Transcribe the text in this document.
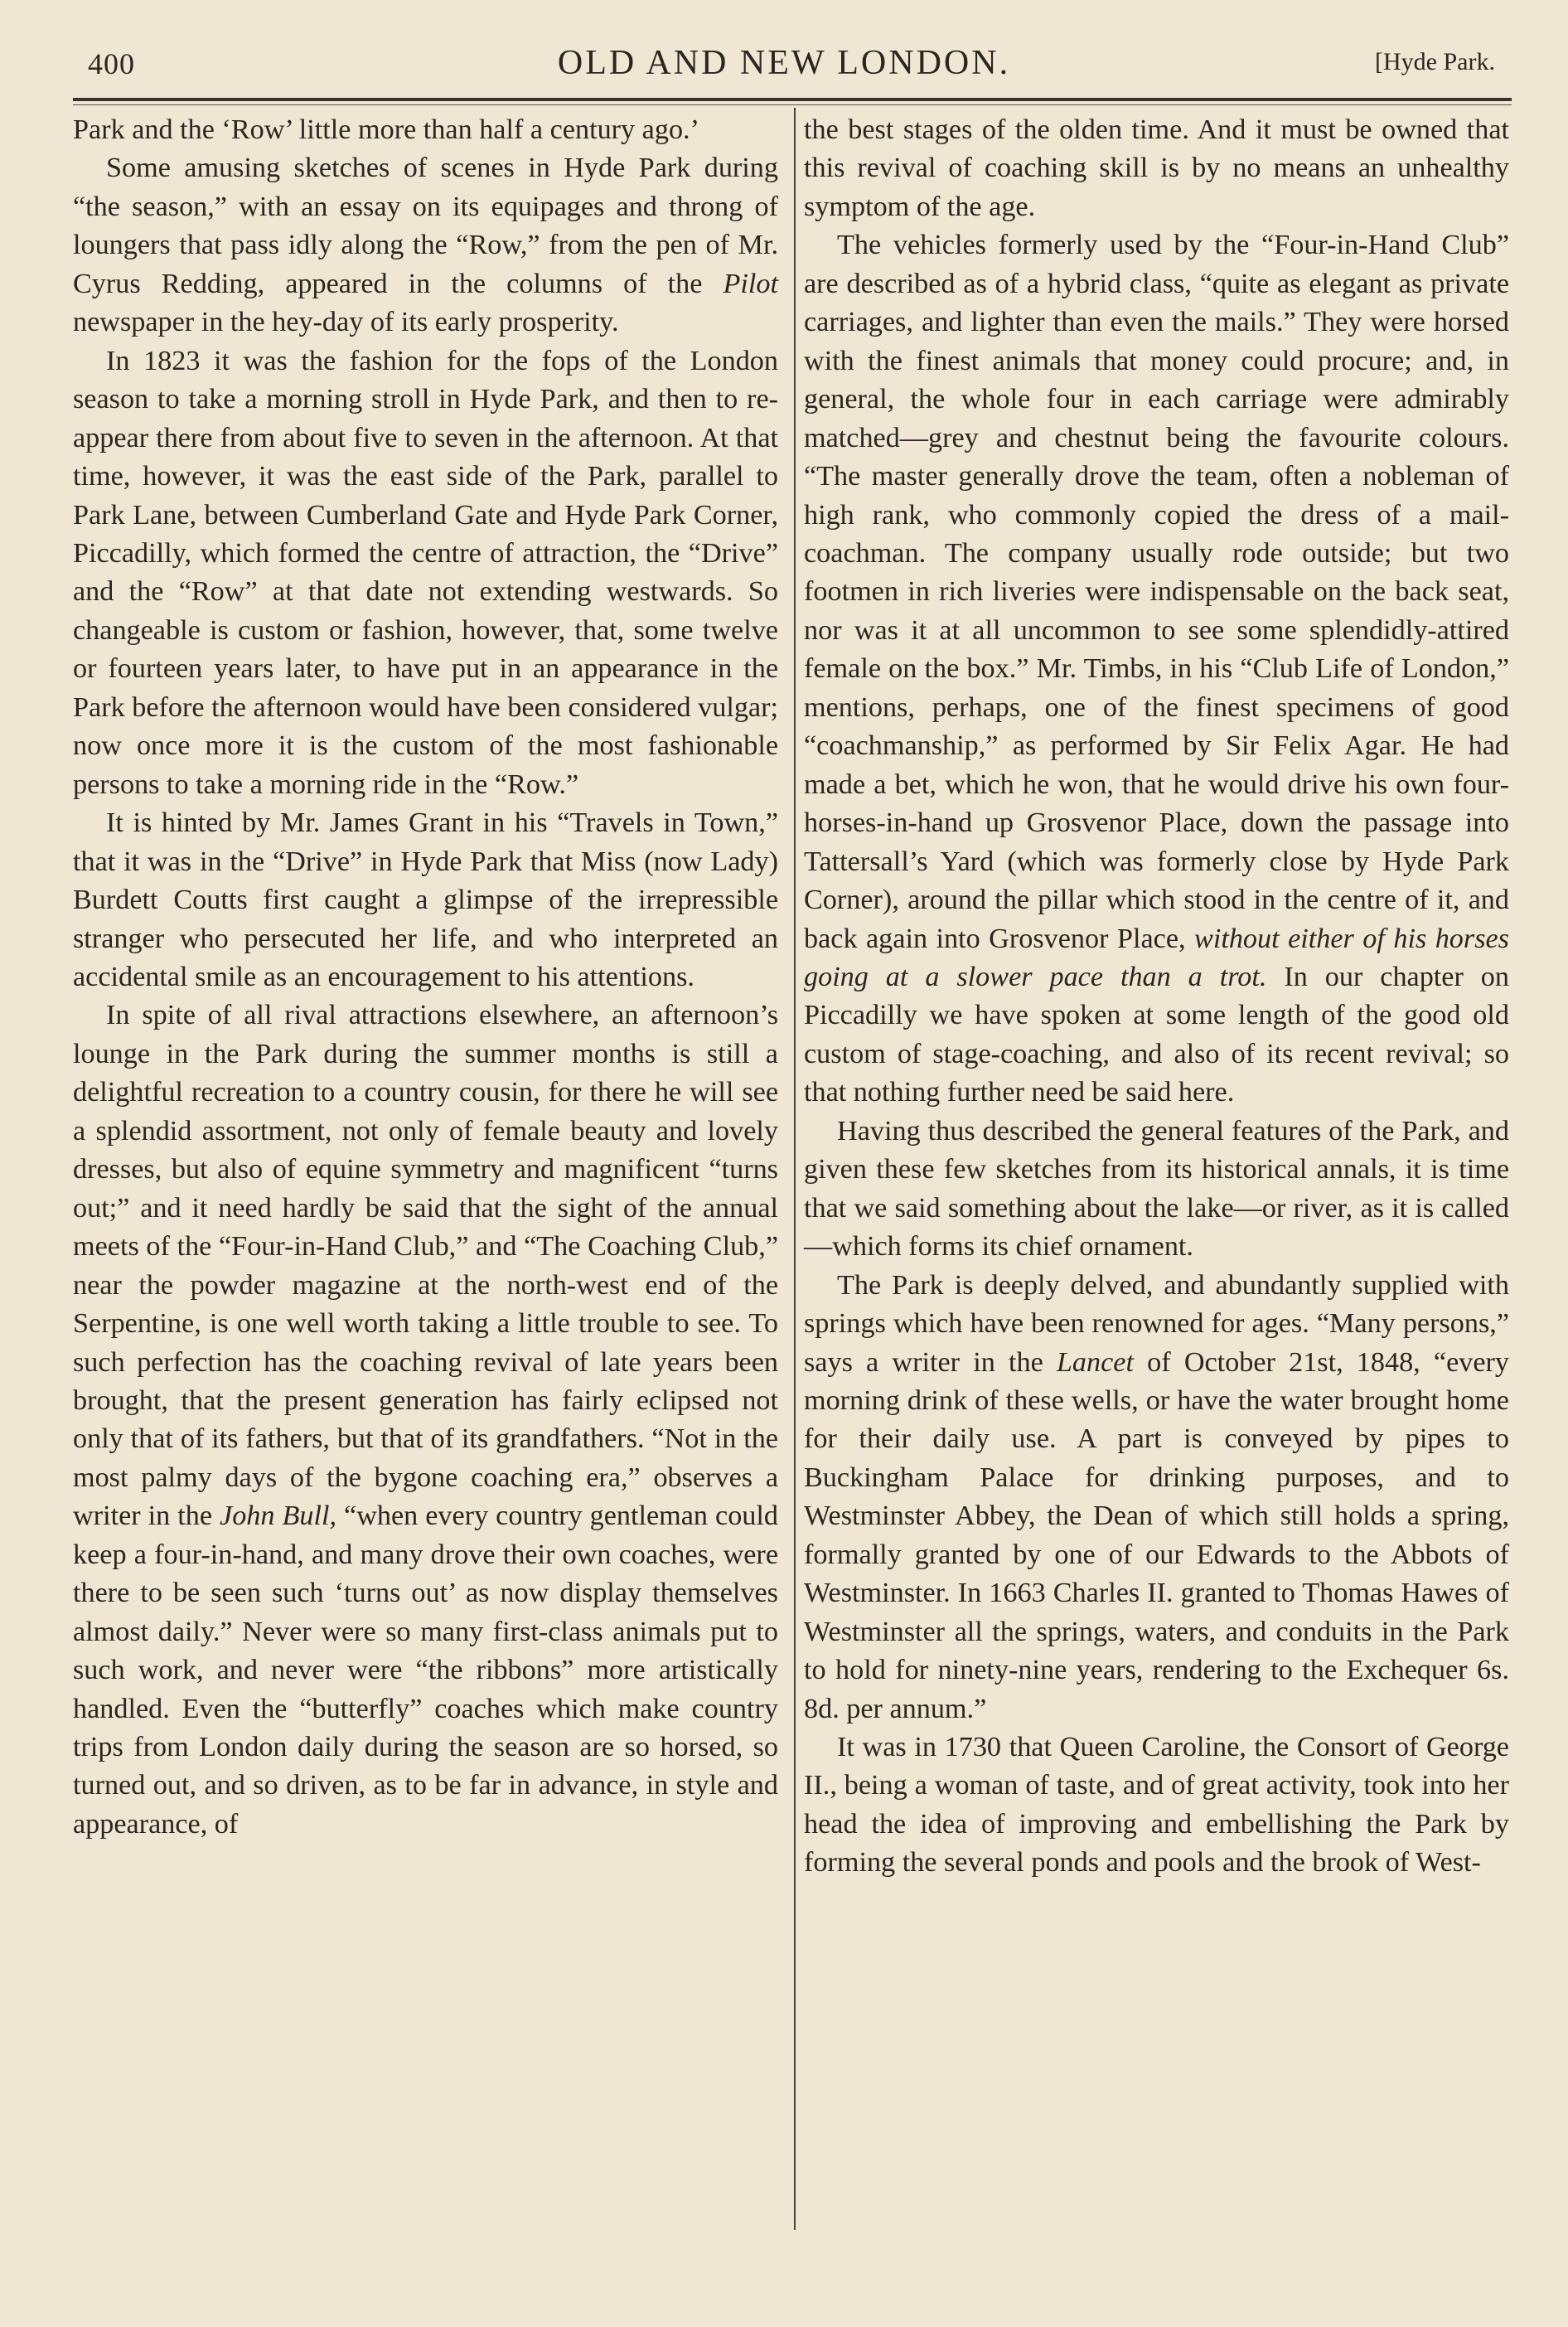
400	OLD AND NEW LONDON.	[Hyde Park.

Park and the ‘Row’ little more than half a century ago.’

Some amusing sketches of scenes in Hyde Park during “the season,” with an essay on its equipages and throng of loungers that pass idly along the “Row,” from the pen of Mr. Cyrus Redding, appeared in the columns of the Pilot newspaper in the hey-day of its early prosperity.

In 1823 it was the fashion for the fops of the London season to take a morning stroll in Hyde Park, and then to re-appear there from about five to seven in the afternoon. At that time, however, it was the east side of the Park, parallel to Park Lane, between Cumberland Gate and Hyde Park Corner, Piccadilly, which formed the centre of attraction, the “Drive” and the “Row” at that date not extending westwards. So changeable is custom or fashion, however, that, some twelve or fourteen years later, to have put in an appearance in the Park before the afternoon would have been considered vulgar; now once more it is the custom of the most fashionable persons to take a morning ride in the “Row.”

It is hinted by Mr. James Grant in his “Travels in Town,” that it was in the “Drive” in Hyde Park that Miss (now Lady) Burdett Coutts first caught a glimpse of the irrepressible stranger who persecuted her life, and who interpreted an accidental smile as an encouragement to his attentions.

In spite of all rival attractions elsewhere, an afternoon’s lounge in the Park during the summer months is still a delightful recreation to a country cousin, for there he will see a splendid assortment, not only of female beauty and lovely dresses, but also of equine symmetry and magnificent “turns out;” and it need hardly be said that the sight of the annual meets of the “Four-in-Hand Club,” and “The Coaching Club,” near the powder magazine at the north-west end of the Serpentine, is one well worth taking a little trouble to see. To such perfection has the coaching revival of late years been brought, that the present generation has fairly eclipsed not only that of its fathers, but that of its grandfathers. “Not in the most palmy days of the bygone coaching era,” observes a writer in the John Bull, “when every country gentleman could keep a four-in-hand, and many drove their own coaches, were there to be seen such ‘turns out’ as now display themselves almost daily.” Never were so many first-class animals put to such work, and never were “the ribbons” more artistically handled. Even the “butterfly” coaches which make country trips from London daily during the season are so horsed, so turned out, and so driven, as to be far in advance, in style and appearance, of

the best stages of the olden time. And it must be owned that this revival of coaching skill is by no means an unhealthy symptom of the age.

The vehicles formerly used by the “Four-in-Hand Club” are described as of a hybrid class, “quite as elegant as private carriages, and lighter than even the mails.” They were horsed with the finest animals that money could procure; and, in general, the whole four in each carriage were admirably matched—grey and chestnut being the favourite colours. “The master generally drove the team, often a nobleman of high rank, who commonly copied the dress of a mail-coachman. The company usually rode outside; but two footmen in rich liveries were indispensable on the back seat, nor was it at all uncommon to see some splendidly-attired female on the box.” Mr. Timbs, in his “Club Life of London,” mentions, perhaps, one of the finest specimens of good “coachmanship,” as performed by Sir Felix Agar. He had made a bet, which he won, that he would drive his own four-horses-in-hand up Grosvenor Place, down the passage into Tattersall’s Yard (which was formerly close by Hyde Park Corner), around the pillar which stood in the centre of it, and back again into Grosvenor Place, without either of his horses going at a slower pace than a trot. In our chapter on Piccadilly we have spoken at some length of the good old custom of stage-coaching, and also of its recent revival; so that nothing further need be said here.

Having thus described the general features of the Park, and given these few sketches from its historical annals, it is time that we said something about the lake—or river, as it is called—which forms its chief ornament.

The Park is deeply delved, and abundantly supplied with springs which have been renowned for ages. “Many persons,” says a writer in the Lancet of October 21st, 1848, “every morning drink of these wells, or have the water brought home for their daily use. A part is conveyed by pipes to Buckingham Palace for drinking purposes, and to Westminster Abbey, the Dean of which still holds a spring, formally granted by one of our Edwards to the Abbots of Westminster. In 1663 Charles II. granted to Thomas Hawes of Westminster all the springs, waters, and conduits in the Park to hold for ninety-nine years, rendering to the Exchequer 6s. 8d. per annum.”

It was in 1730 that Queen Caroline, the Consort of George II., being a woman of taste, and of great activity, took into her head the idea of improving and embellishing the Park by forming the several ponds and pools and the brook of West-
